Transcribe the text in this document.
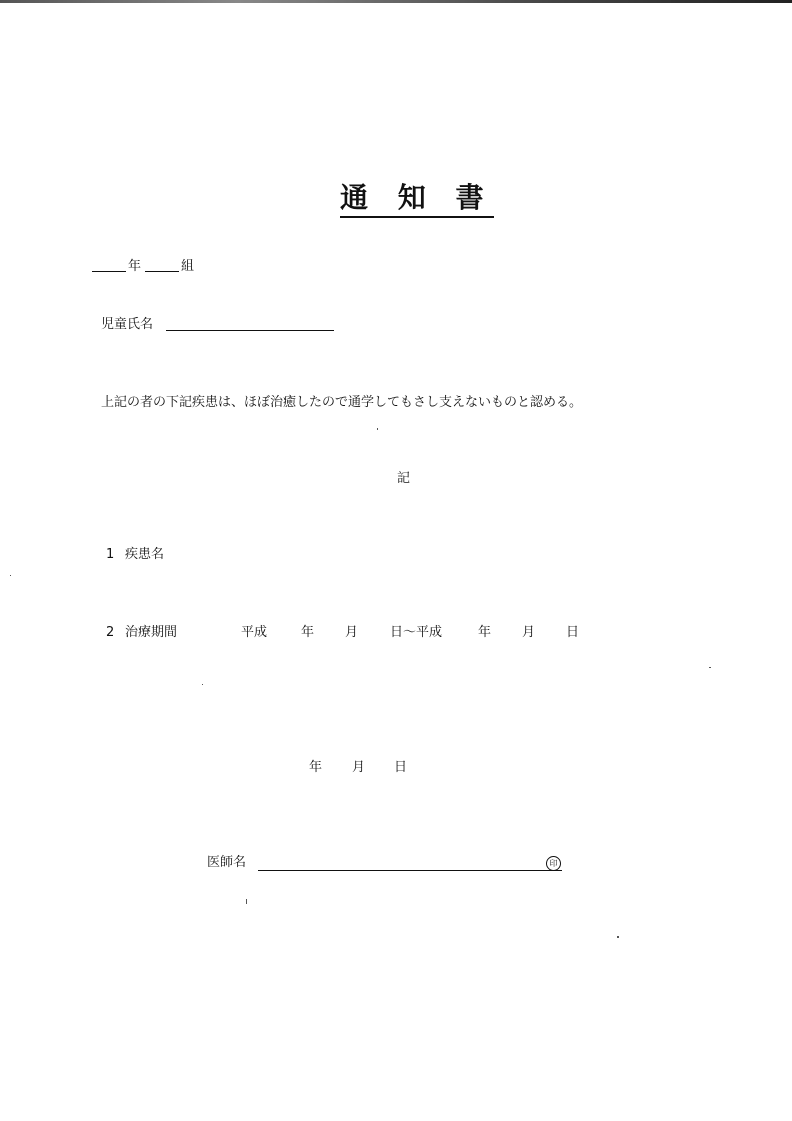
通 知 書
年	組
児童氏名
上記の者の下記疾患は、ほぼ治癒したので通学してもさし支えないものと認める。
記
1 疾患名
2 治療期間	平成	年 月 日〜平成	年 月 日
年 月 日
医師名	印
